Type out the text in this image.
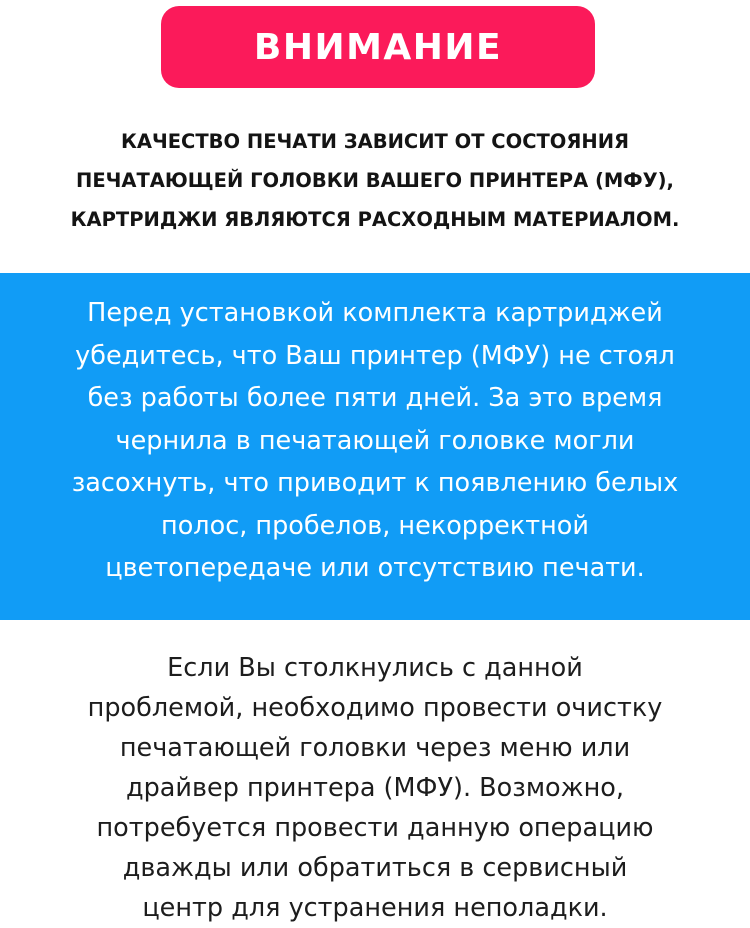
ВНИМАНИЕ
КАЧЕСТВО ПЕЧАТИ ЗАВИСИТ ОТ СОСТОЯНИЯ
ПЕЧАТАЮЩЕЙ ГОЛОВКИ ВАШЕГО ПРИНТЕРА (МФУ),
КАРТРИДЖИ ЯВЛЯЮТСЯ РАСХОДНЫМ МАТЕРИАЛОМ.
Перед установкой комплекта картриджей
убедитесь, что Ваш принтер (МФУ) не стоял
без работы более пяти дней. За это время
чернила в печатающей головке могли
засохнуть, что приводит к появлению белых
полос, пробелов, некорректной
цветопередаче или отсутствию печати.
Если Вы столкнулись с данной
проблемой, необходимо провести очистку
печатающей головки через меню или
драйвер принтера (МФУ). Возможно,
потребуется провести данную операцию
дважды или обратиться в сервисный
центр для устранения неполадки.
